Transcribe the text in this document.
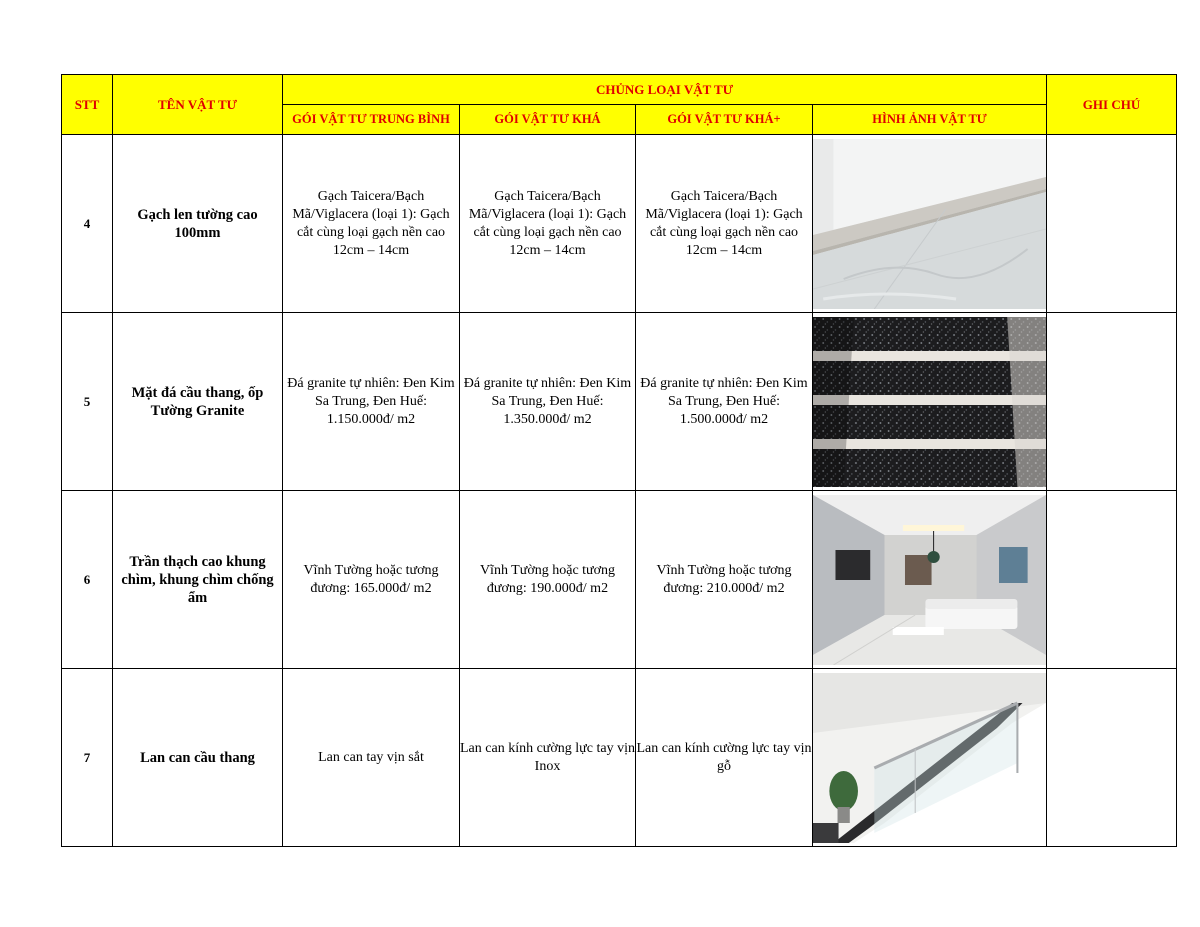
STT	TÊN VẬT TƯ	CHỦNG LOẠI VẬT TƯ				GHI CHÚ
		GÓI VẬT TƯ TRUNG BÌNH	GÓI VẬT TƯ KHÁ	GÓI VẬT TƯ KHÁ+	HÌNH ẢNH VẬT TƯ	
4	Gạch len tường cao 100mm	Gạch Taicera/Bạch Mã/Viglacera (loại 1): Gạch cắt cùng loại gạch nền cao 12cm – 14cm	Gạch Taicera/Bạch Mã/Viglacera (loại 1): Gạch cắt cùng loại gạch nền cao 12cm – 14cm	Gạch Taicera/Bạch Mã/Viglacera (loại 1): Gạch cắt cùng loại gạch nền cao 12cm – 14cm	

5	Mặt đá cầu thang, ốp Tường Granite	Đá granite tự nhiên: Đen Kim Sa Trung, Đen Huế: 1.150.000đ/ m2	Đá granite tự nhiên: Đen Kim Sa Trung, Đen Huế: 1.350.000đ/ m2	Đá granite tự nhiên: Đen Kim Sa Trung, Đen Huế: 1.500.000đ/ m2	

6	Trần thạch cao khung chìm, khung chìm chống ẩm	Vĩnh Tường hoặc tương đương: 165.000đ/ m2	Vĩnh Tường hoặc tương đương: 190.000đ/ m2	Vĩnh Tường hoặc tương đương: 210.000đ/ m2	

7	Lan can cầu thang	Lan can tay vịn sắt	Lan can kính cường lực tay vịn Inox	Lan can kính cường lực tay vịn gỗ	
